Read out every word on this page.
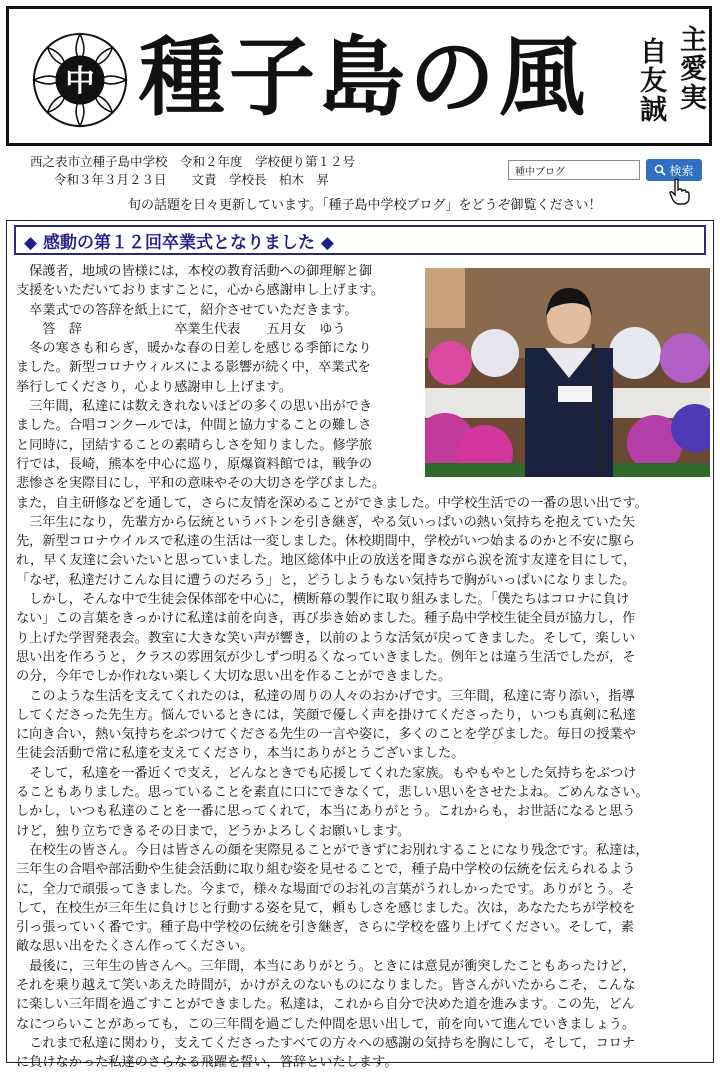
中 種子島の風 自友誠 主愛実
西之表市立種子島中学校　令和２年度　学校便り第１２号
令和３年３月２３日　　文責　学校長　柏木　昇
旬の話題を日々更新しています。「種子島中学校ブログ」をどうぞ御覧ください！
種中ブログ	検索
◆ 感動の第１２回卒業式となりました ◆

　保護者，地域の皆様には，本校の教育活動への御理解と御

支援をいただいておりますことに，心から感謝申し上げます。

　卒業式での答辞を紙上にて，紹介させていただきます。

　　答　辞　　　　　　　卒業生代表　　五月女　ゆう

　冬の寒さも和らぎ，暖かな春の日差しを感じる季節になり

ました。新型コロナウィルスによる影響が続く中，卒業式を

挙行してくださり，心より感謝申し上げます。

　三年間，私達には数えきれないほどの多くの思い出ができ

ました。合唱コンクールでは，仲間と協力することの難しさ

と同時に，団結することの素晴らしさを知りました。修学旅

行では，長崎，熊本を中心に巡り，原爆資料館では，戦争の

悲惨さを実際目にし，平和の意味やその大切さを学びました。

また，自主研修などを通して，さらに友情を深めることができました。中学校生活での一番の思い出です。

　三年生になり，先輩方から伝統というバトンを引き継ぎ，やる気いっぱいの熱い気持ちを抱えていた矢

先，新型コロナウイルスで私達の生活は一変しました。休校期間中，学校がいつ始まるのかと不安に駆ら

れ，早く友達に会いたいと思っていました。地区総体中止の放送を聞きながら涙を流す友達を目にして，

「なぜ，私達だけこんな目に遭うのだろう」と，どうしようもない気持ちで胸がいっぱいになりました。

　しかし，そんな中で生徒会保体部を中心に，横断幕の製作に取り組みました。「僕たちはコロナに負け

ない」この言葉をきっかけに私達は前を向き，再び歩き始めました。種子島中学校生徒全員が協力し，作

り上げた学習発表会。教室に大きな笑い声が響き，以前のような活気が戻ってきました。そして，楽しい

思い出を作ろうと，クラスの雰囲気が少しずつ明るくなっていきました。例年とは違う生活でしたが，そ

の分，今年でしか作れない楽しく大切な思い出を作ることができました。

　このような生活を支えてくれたのは，私達の周りの人々のおかげです。三年間，私達に寄り添い，指導

してくださった先生方。悩んでいるときには，笑顔で優しく声を掛けてくださったり，いつも真剣に私達

に向き合い，熱い気持ちをぶつけてくださる先生の一言や姿に，多くのことを学びました。毎日の授業や

生徒会活動で常に私達を支えてくださり，本当にありがとうございました。

　そして，私達を一番近くで支え，どんなときでも応援してくれた家族。もやもやとした気持ちをぶつけ

ることもありました。思っていることを素直に口にできなくて，悲しい思いをさせたよね。ごめんなさい。

しかし，いつも私達のことを一番に思ってくれて，本当にありがとう。これからも，お世話になると思う

けど，独り立ちできるその日まで，どうかよろしくお願いします。

　在校生の皆さん。今日は皆さんの顔を実際見ることができずにお別れすることになり残念です。私達は，

三年生の合唱や部活動や生徒会活動に取り組む姿を見せることで，種子島中学校の伝統を伝えられるよう

に，全力で頑張ってきました。今まで，様々な場面でのお礼の言葉がうれしかったです。ありがとう。そ

して，在校生が三年生に負けじと行動する姿を見て，頼もしさを感じました。次は，あなたたちが学校を

引っ張っていく番です。種子島中学校の伝統を引き継ぎ，さらに学校を盛り上げてください。そして，素

敵な思い出をたくさん作ってください。

　最後に，三年生の皆さんへ。三年間，本当にありがとう。ときには意見が衝突したこともあったけど，

それを乗り越えて笑いあえた時間が，かけがえのないものになりました。皆さんがいたからこそ，こんな

に楽しい三年間を過ごすことができました。私達は，これから自分で決めた道を進みます。この先，どん

なにつらいことがあっても，この三年間を過ごした仲間を思い出して，前を向いて進んでいきましょう。

　これまで私達に関わり，支えてくださったすべての方々への感謝の気持ちを胸にして，そして，コロナ

に負けなかった私達のさらなる飛躍を誓い，答辞といたします。
